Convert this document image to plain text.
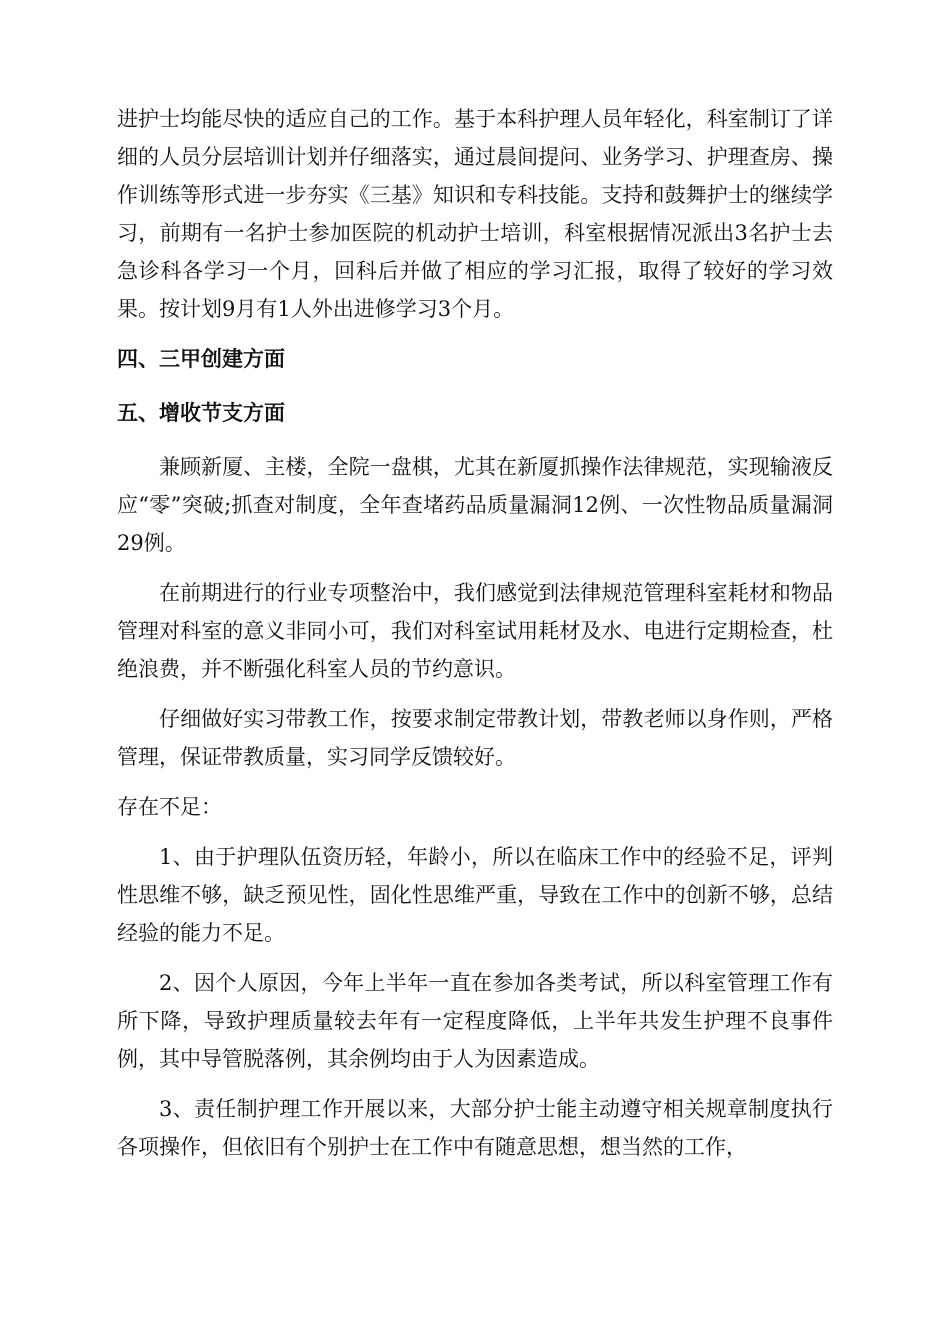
进护士均能尽快的适应自己的工作。基于本科护理人员年轻化，科室制订了详细的人员分层培训计划并仔细落实，通过晨间提问、业务学习、护理查房、操作训练等形式进一步夯实《三基》知识和专科技能。支持和鼓舞护士的继续学习，前期有一名护士参加医院的机动护士培训，科室根据情况派出3名护士去急诊科各学习一个月，回科后并做了相应的学习汇报，取得了较好的学习效果。按计划9月有1人外出进修学习3个月。

四、三甲创建方面

五、增收节支方面

兼顾新厦、主楼，全院一盘棋，尤其在新厦抓操作法律规范，实现输液反应“零”突破;抓查对制度，全年查堵药品质量漏洞12例、一次性物品质量漏洞29例。

在前期进行的行业专项整治中，我们感觉到法律规范管理科室耗材和物品管理对科室的意义非同小可，我们对科室试用耗材及水、电进行定期检查，杜绝浪费，并不断强化科室人员的节约意识。

仔细做好实习带教工作，按要求制定带教计划，带教老师以身作则，严格管理，保证带教质量，实习同学反馈较好。

存在不足：

1、由于护理队伍资历轻，年龄小，所以在临床工作中的经验不足，评判性思维不够，缺乏预见性，固化性思维严重，导致在工作中的创新不够，总结经验的能力不足。

2、因个人原因，今年上半年一直在参加各类考试，所以科室管理工作有所下降，导致护理质量较去年有一定程度降低，上半年共发生护理不良事件例，其中导管脱落例，其余例均由于人为因素造成。

3、责任制护理工作开展以来，大部分护士能主动遵守相关规章制度执行各项操作，但依旧有个别护士在工作中有随意思想，想当然的工作，
